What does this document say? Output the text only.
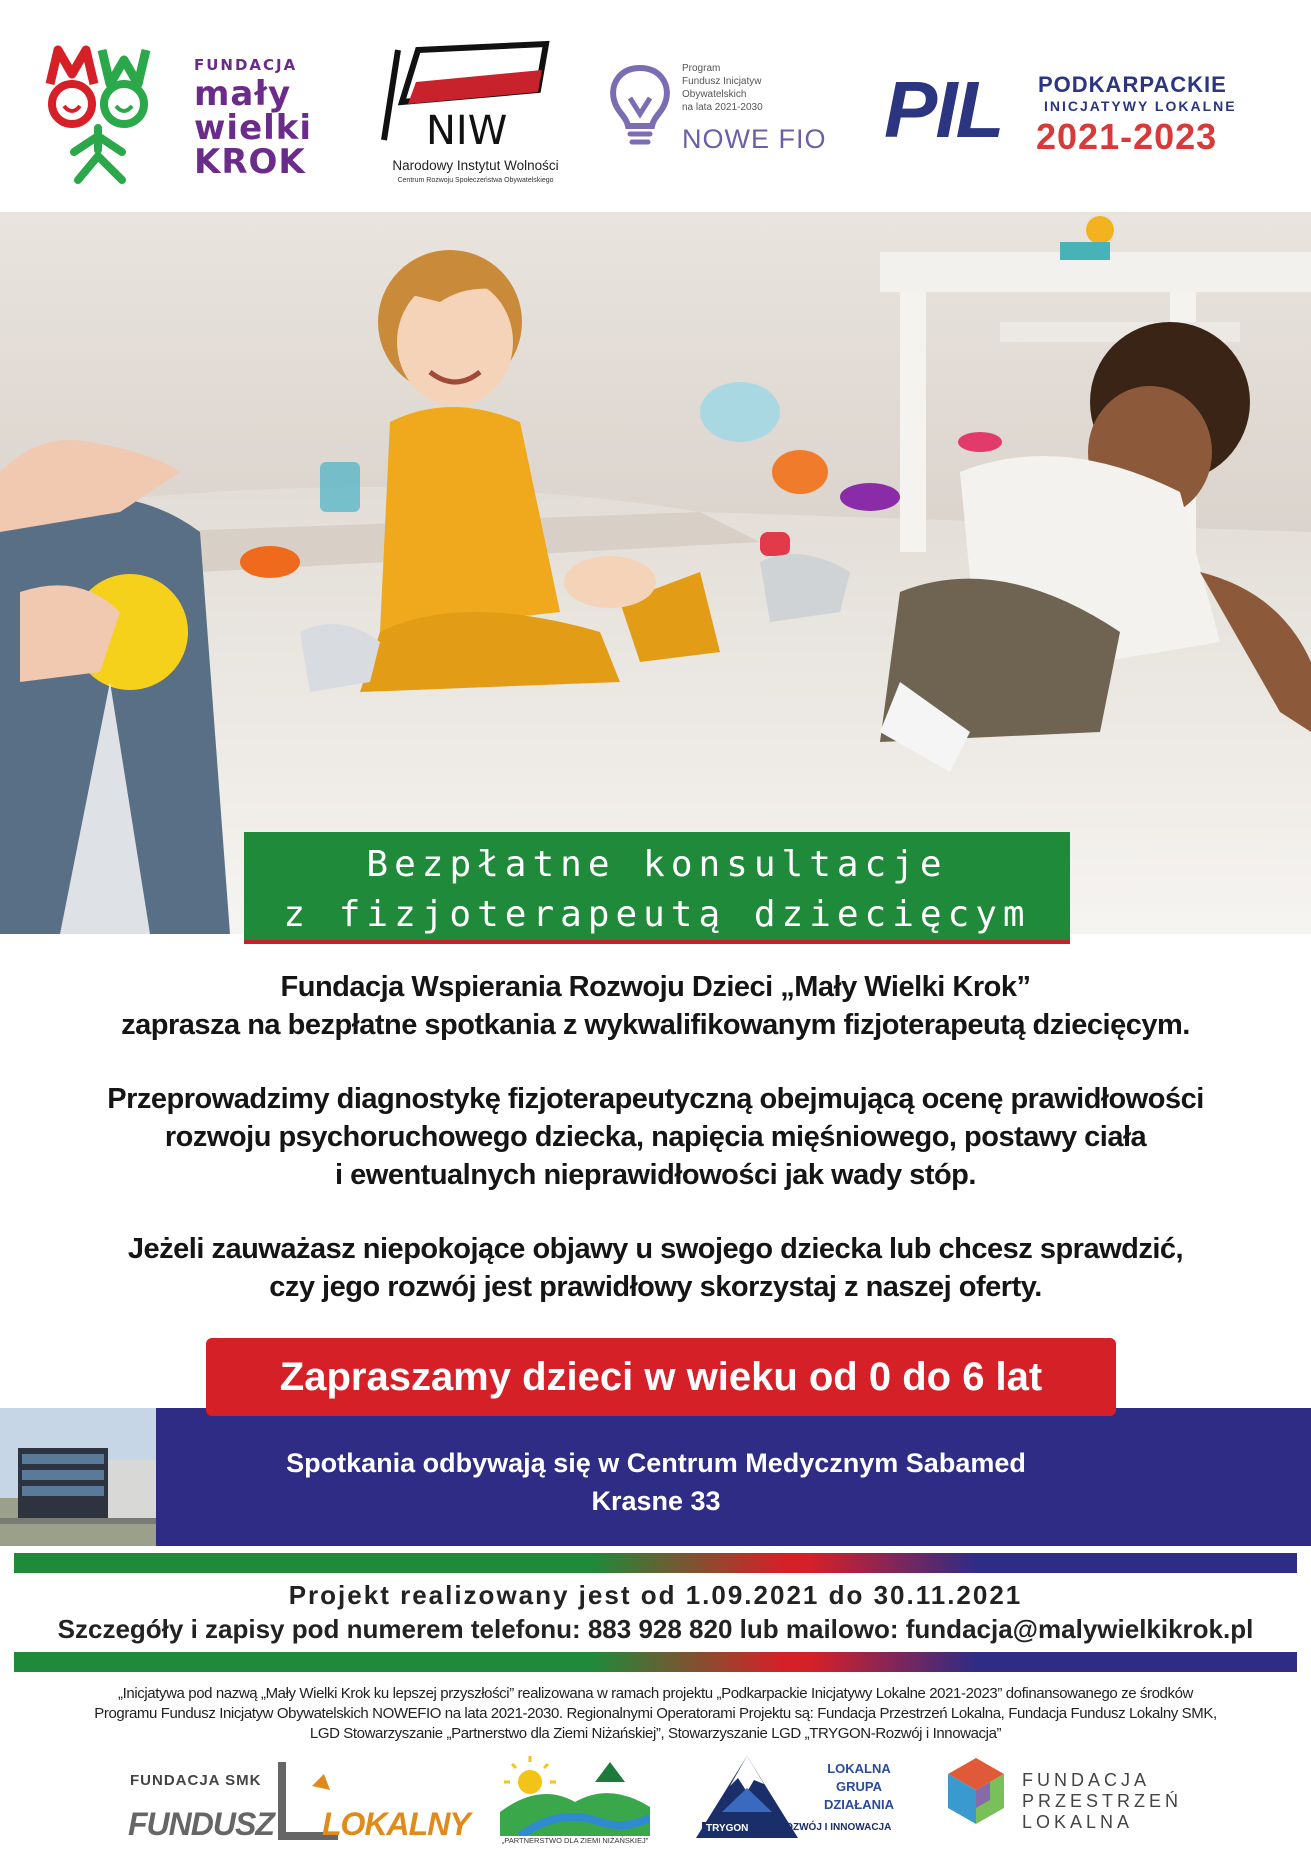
FUNDACJA
mały
wielki
KROK
NIW
Narodowy Instytut Wolności
Centrum Rozwoju Społeczeństwa Obywatelskiego
Program
Fundusz Inicjatyw
Obywatelskich
na lata 2021-2030
NOWE FIO PIL PODKARPACKIE
INICJATYWY LOKALNE
2021-2023
Bezpłatne konsultacje
z fizjoterapeutą dziecięcym
Fundacja Wspierania Rozwoju Dzieci „Mały Wielki Krok”
zaprasza na bezpłatne spotkania z wykwalifikowanym fizjoterapeutą dziecięcym.
Przeprowadzimy diagnostykę fizjoterapeutyczną obejmującą ocenę prawidłowości
rozwoju psychoruchowego dziecka, napięcia mięśniowego, postawy ciała
i ewentualnych nieprawidłowości jak wady stóp.
Jeżeli zauważasz niepokojące objawy u swojego dziecka lub chcesz sprawdzić,
czy jego rozwój jest prawidłowy skorzystaj z naszej oferty.
Zapraszamy dzieci w wieku od 0 do 6 lat
Spotkania odbywają się w Centrum Medycznym Sabamed
Krasne 33
Projekt realizowany jest od 1.09.2021 do 30.11.2021
Szczegóły i zapisy pod numerem telefonu: 883 928 820 lub mailowo: fundacja@malywielkikrok.pl
„Inicjatywa pod nazwą „Mały Wielki Krok ku lepszej przyszłości” realizowana w ramach projektu „Podkarpackie Inicjatywy Lokalne 2021-2023” dofinansowanego ze środków
Programu Fundusz Inicjatyw Obywatelskich NOWEFIO na lata 2021-2030. Regionalnymi Operatorami Projektu są: Fundacja Przestrzeń Lokalna, Fundacja Fundusz Lokalny SMK,
LGD Stowarzyszanie „Partnerstwo dla Ziemi Niżańskiej”, Stowarzyszanie LGD „TRYGON-Rozwój i Innowacja”
FUNDACJA SMK
FUNDUSZ LOKALNY	„PARTNERSTWO DLA ZIEMI NIŻAŃSKIEJ”
LOKALNA
GRUPA
DZIAŁANIA
TRYGON	ROZWÓJ I INNOWACJA
FUNDACJA
PRZESTRZEŃ
LOKALNA
